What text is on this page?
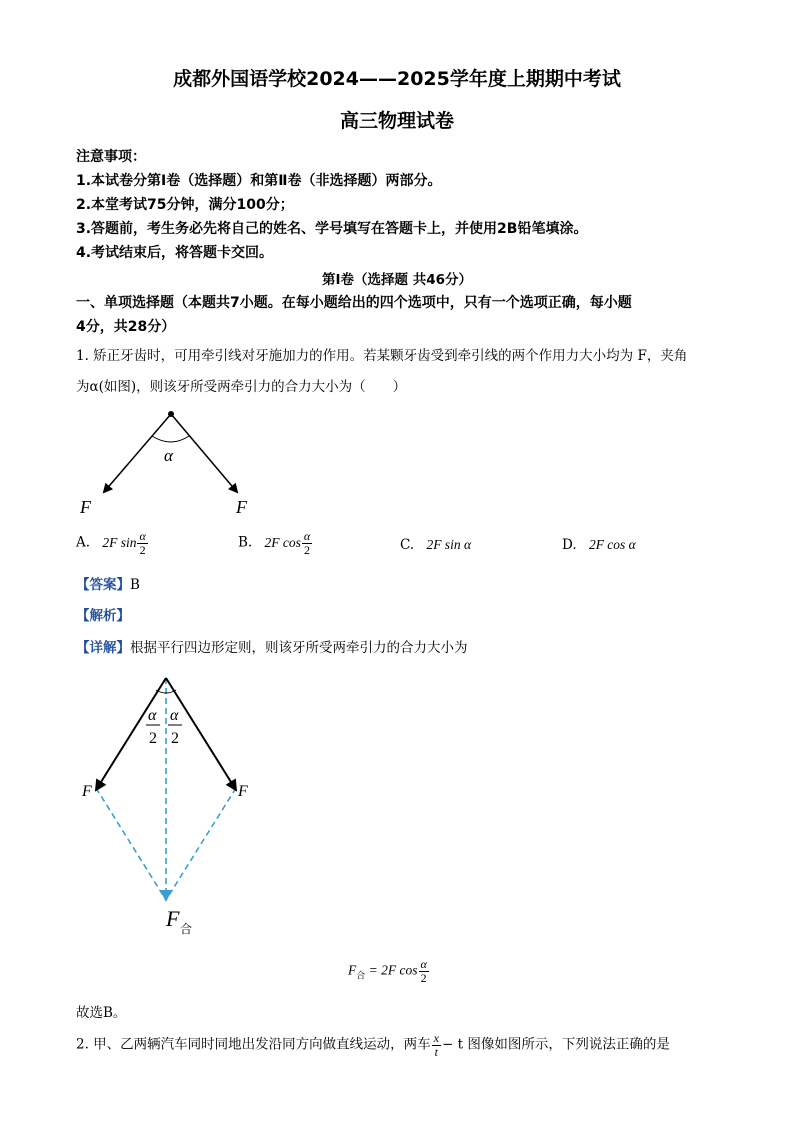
成都外国语学校2024——2025学年度上期期中考试
高三物理试卷
注意事项：
1.本试卷分第Ⅰ卷（选择题）和第Ⅱ卷（非选择题）两部分。
2.本堂考试75分钟，满分100分；
3.答题前，考生务必先将自己的姓名、学号填写在答题卡上，并使用2B铅笔填涂。
4.考试结束后，将答题卡交回。
第Ⅰ卷（选择题 共46分）
一、单项选择题（本题共7小题。在每小题给出的四个选项中，只有一个选项正确，每小题
4分，共28分）
1. 矫正牙齿时，可用牵引线对牙施加力的作用。若某颗牙齿受到牵引线的两个作用力大小均为 F，夹角
为α(如图)，则该牙所受两牵引力的合力大小为（　　）
α
F	F
A. 2F $\sin \frac{\alpha}{2}$	B. 2F $\cos \frac{\alpha}{2}$	C. 2F sin α	D. 2F cos α
【答案】B
【解析】
【详解】根据平行四边形定则，则该牙所受两牵引力的合力大小为
α
2
α
2
F	F
F 合
$F_合 = 2F$ $\cos \frac{\alpha}{2}$
故选B。
2. 甲、乙两辆汽车同时同地出发沿同方向做直线运动，两车 $\frac{x}{t} - t$ 图像如图所示，下列说法正确的是
